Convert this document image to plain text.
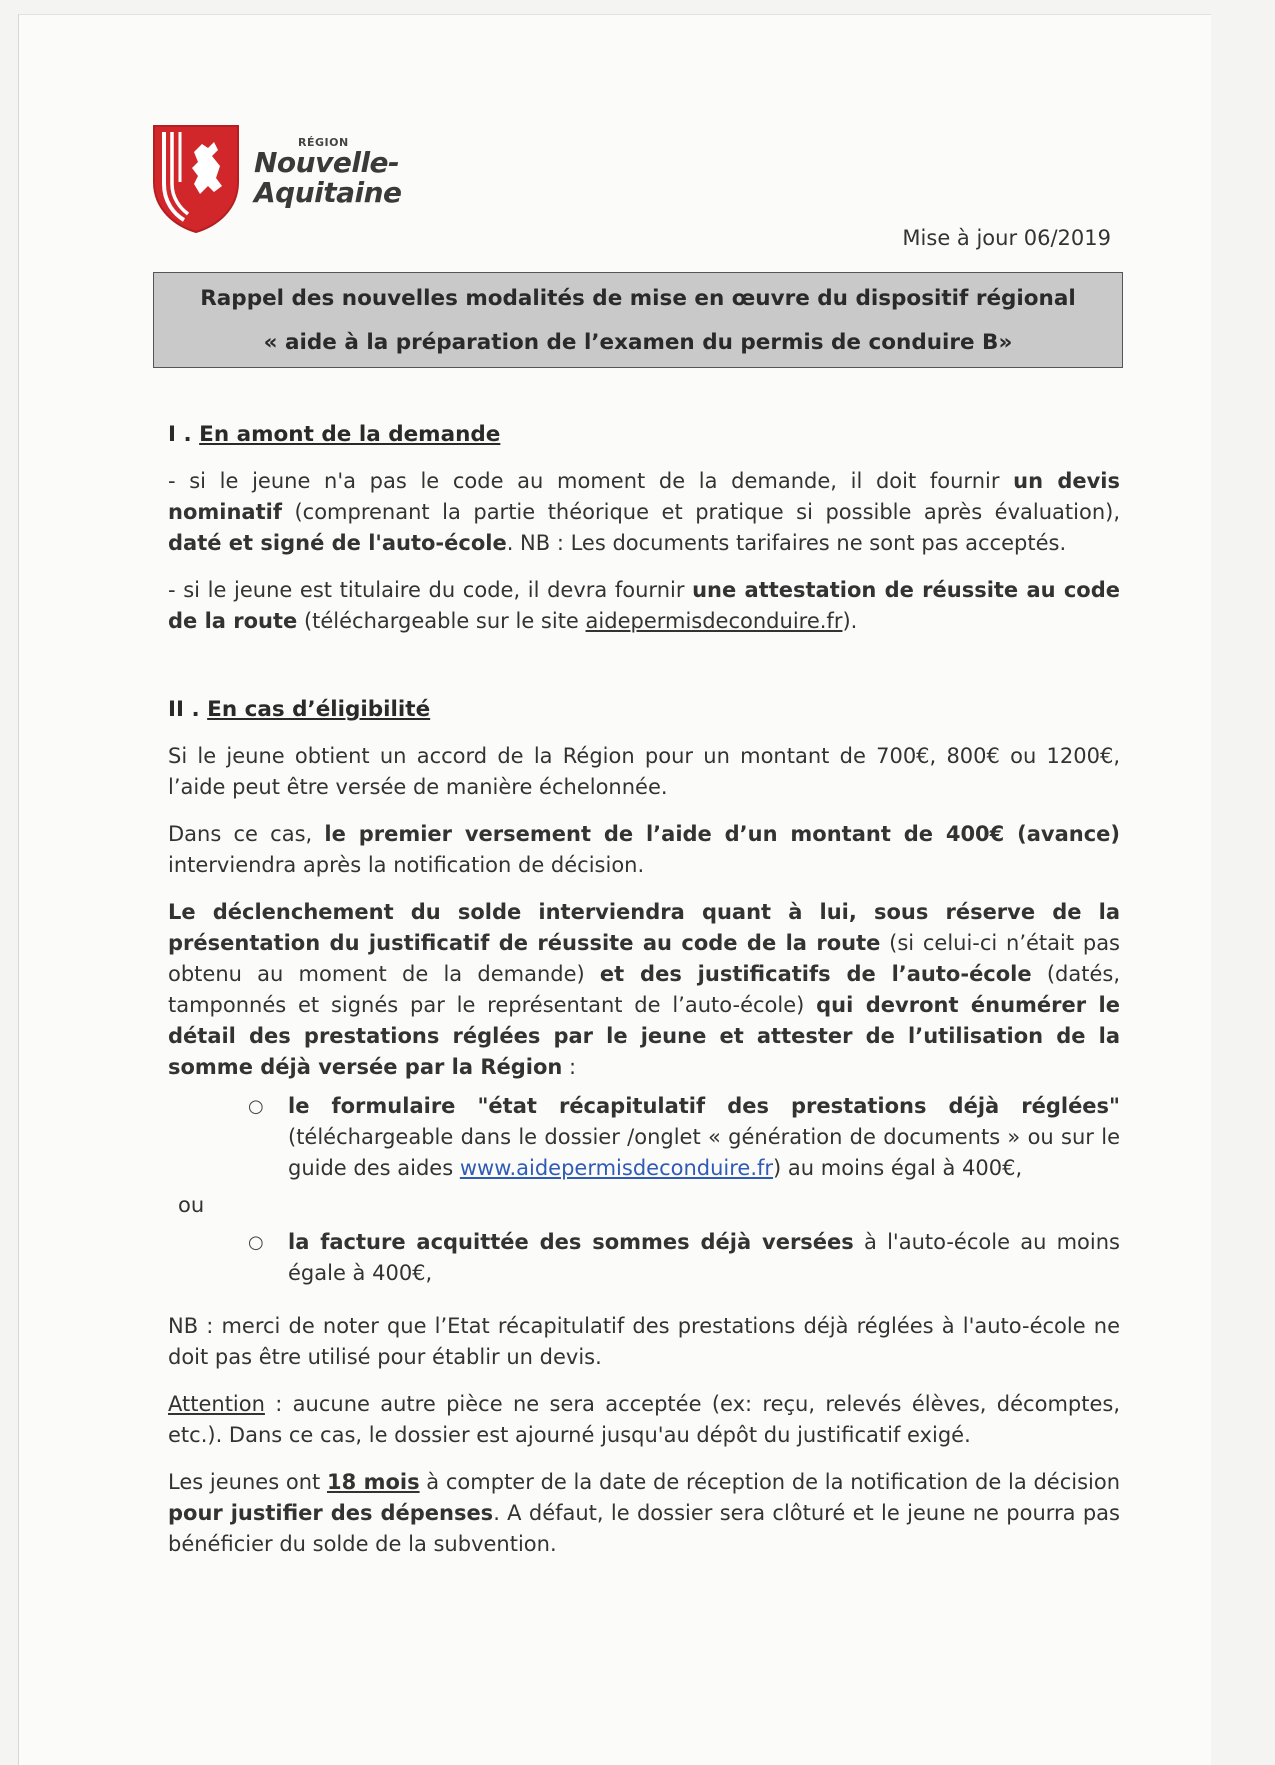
RÉGION
Nouvelle-
Aquitaine
Mise à jour 06/2019
Rappel des nouvelles modalités de mise en œuvre du dispositif régional
« aide à la préparation de l’examen du permis de conduire B»
I . En amont de la demande

- si le jeune n'a pas le code au moment de la demande, il doit fournir un devis nominatif (comprenant la partie théorique et pratique si possible après évaluation), daté et signé de l'auto-école. NB : Les documents tarifaires ne sont pas acceptés.

- si le jeune est titulaire du code, il devra fournir une attestation de réussite au code de la route (téléchargeable sur le site aidepermisdeconduire.fr).

II . En cas d’éligibilité

Si le jeune obtient un accord de la Région pour un montant de 700€, 800€ ou 1200€, l’aide peut être versée de manière échelonnée.

Dans ce cas, le premier versement de l’aide d’un montant de 400€ (avance) interviendra après la notification de décision.

Le déclenchement du solde interviendra quant à lui, sous réserve de la présentation du justificatif de réussite au code de la route (si celui-ci n’était pas obtenu au moment de la demande) et des justificatifs de l’auto-école (datés, tamponnés et signés par le représentant de l’auto-école) qui devront énumérer le détail des prestations réglées par le jeune et attester de l’utilisation de la somme déjà versée par la Région :

○ le formulaire "état récapitulatif des prestations déjà réglées" (téléchargeable dans le dossier /onglet « génération de documents » ou sur le guide des aides www.aidepermisdeconduire.fr) au moins égal à 400€,
ou
○ la facture acquittée des sommes déjà versées à l'auto-école au moins égale à 400€,

NB : merci de noter que l’Etat récapitulatif des prestations déjà réglées à l'auto-école ne doit pas être utilisé pour établir un devis.

Attention : aucune autre pièce ne sera acceptée (ex: reçu, relevés élèves, décomptes, etc.). Dans ce cas, le dossier est ajourné jusqu'au dépôt du justificatif exigé.

Les jeunes ont 18 mois à compter de la date de réception de la notification de la décision pour justifier des dépenses. A défaut, le dossier sera clôturé et le jeune ne pourra pas bénéficier du solde de la subvention.
